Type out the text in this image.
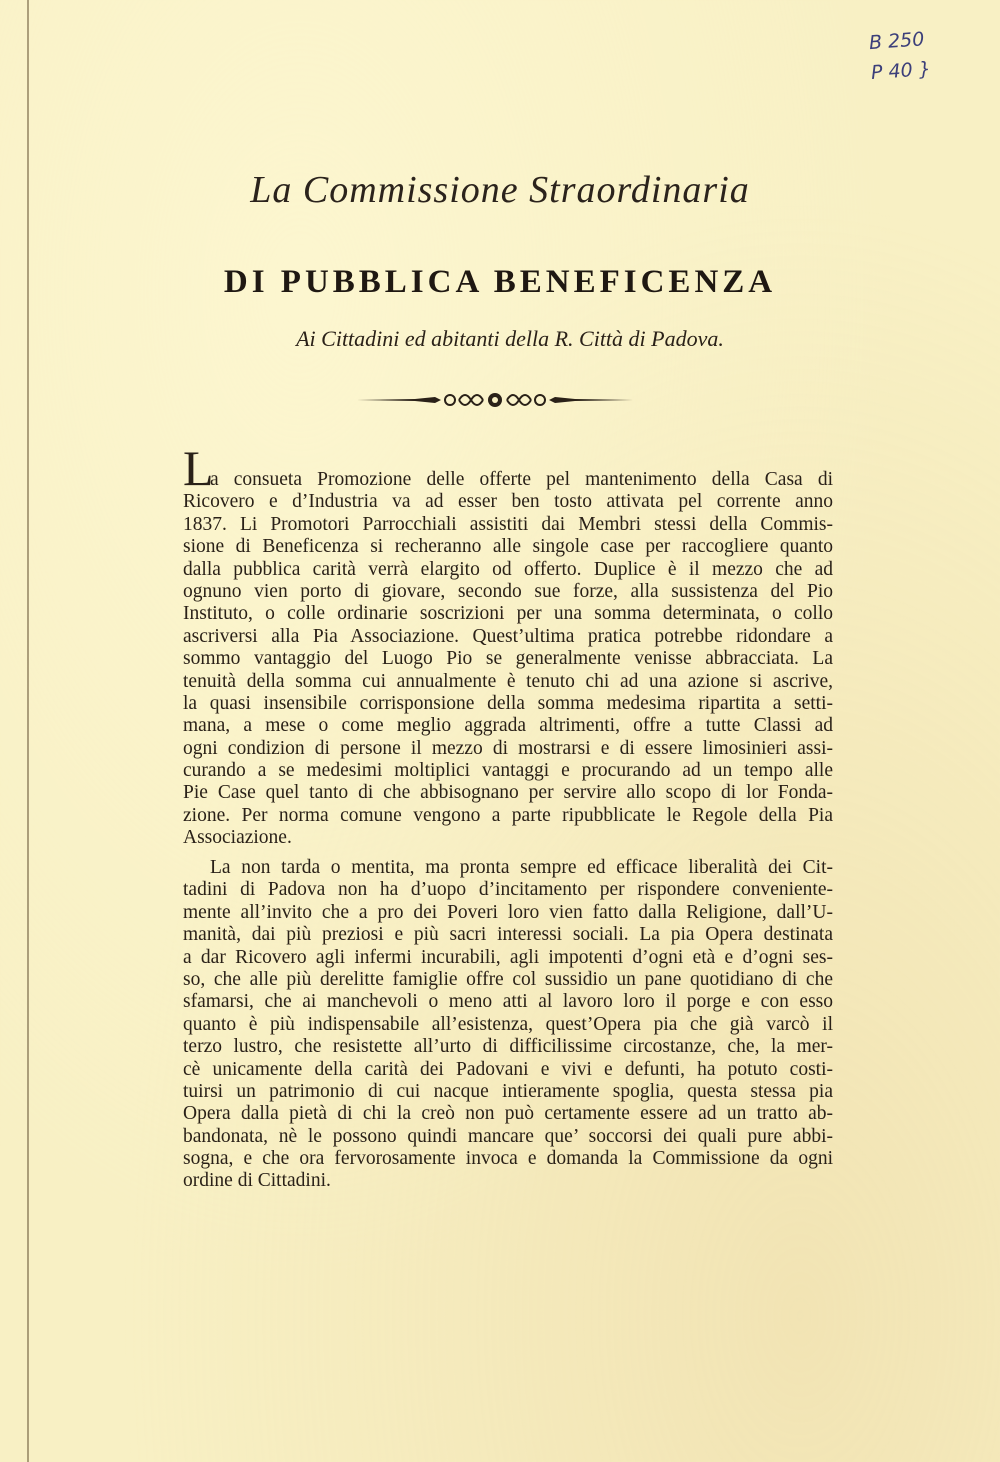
B 250
P 40 }
La Commissione Straordinaria
DI PUBBLICA BENEFICENZA
Ai Cittadini ed abitanti della R. Città di Padova.
L
a consueta Promozione delle offerte pel mantenimento della Casa di
Ricovero e d’Industria va ad esser ben tosto attivata pel corrente anno
1837. Li Promotori Parrocchiali assistiti dai Membri stessi della Commis-
sione di Beneficenza si recheranno alle singole case per raccogliere quanto
dalla pubblica carità verrà elargito od offerto. Duplice è il mezzo che ad
ognuno vien porto di giovare, secondo sue forze, alla sussistenza del Pio
Instituto, o colle ordinarie soscrizioni per una somma determinata, o collo
ascriversi alla Pia Associazione. Quest’ultima pratica potrebbe ridondare a
sommo vantaggio del Luogo Pio se generalmente venisse abbracciata. La
tenuità della somma cui annualmente è tenuto chi ad una azione si ascrive,
la quasi insensibile corrisponsione della somma medesima ripartita a setti-
mana, a mese o come meglio aggrada altrimenti, offre a tutte Classi ad
ogni condizion di persone il mezzo di mostrarsi e di essere limosinieri assi-
curando a se medesimi moltiplici vantaggi e procurando ad un tempo alle
Pie Case quel tanto di che abbisognano per servire allo scopo di lor Fonda-
zione. Per norma comune vengono a parte ripubblicate le Regole della Pia
Associazione.
La non tarda o mentita, ma pronta sempre ed efficace liberalità dei Cit-
tadini di Padova non ha d’uopo d’incitamento per rispondere conveniente-
mente all’invito che a pro dei Poveri loro vien fatto dalla Religione, dall’U-
manità, dai più preziosi e più sacri interessi sociali. La pia Opera destinata
a dar Ricovero agli infermi incurabili, agli impotenti d’ogni età e d’ogni ses-
so, che alle più derelitte famiglie offre col sussidio un pane quotidiano di che
sfamarsi, che ai manchevoli o meno atti al lavoro loro il porge e con esso
quanto è più indispensabile all’esistenza, quest’Opera pia che già varcò il
terzo lustro, che resistette all’urto di difficilissime circostanze, che, la mer-
cè unicamente della carità dei Padovani e vivi e defunti, ha potuto costi-
tuirsi un patrimonio di cui nacque intieramente spoglia, questa stessa pia
Opera dalla pietà di chi la creò non può certamente essere ad un tratto ab-
bandonata, nè le possono quindi mancare que’ soccorsi dei quali pure abbi-
sogna, e che ora fervorosamente invoca e domanda la Commissione da ogni
ordine di Cittadini.
